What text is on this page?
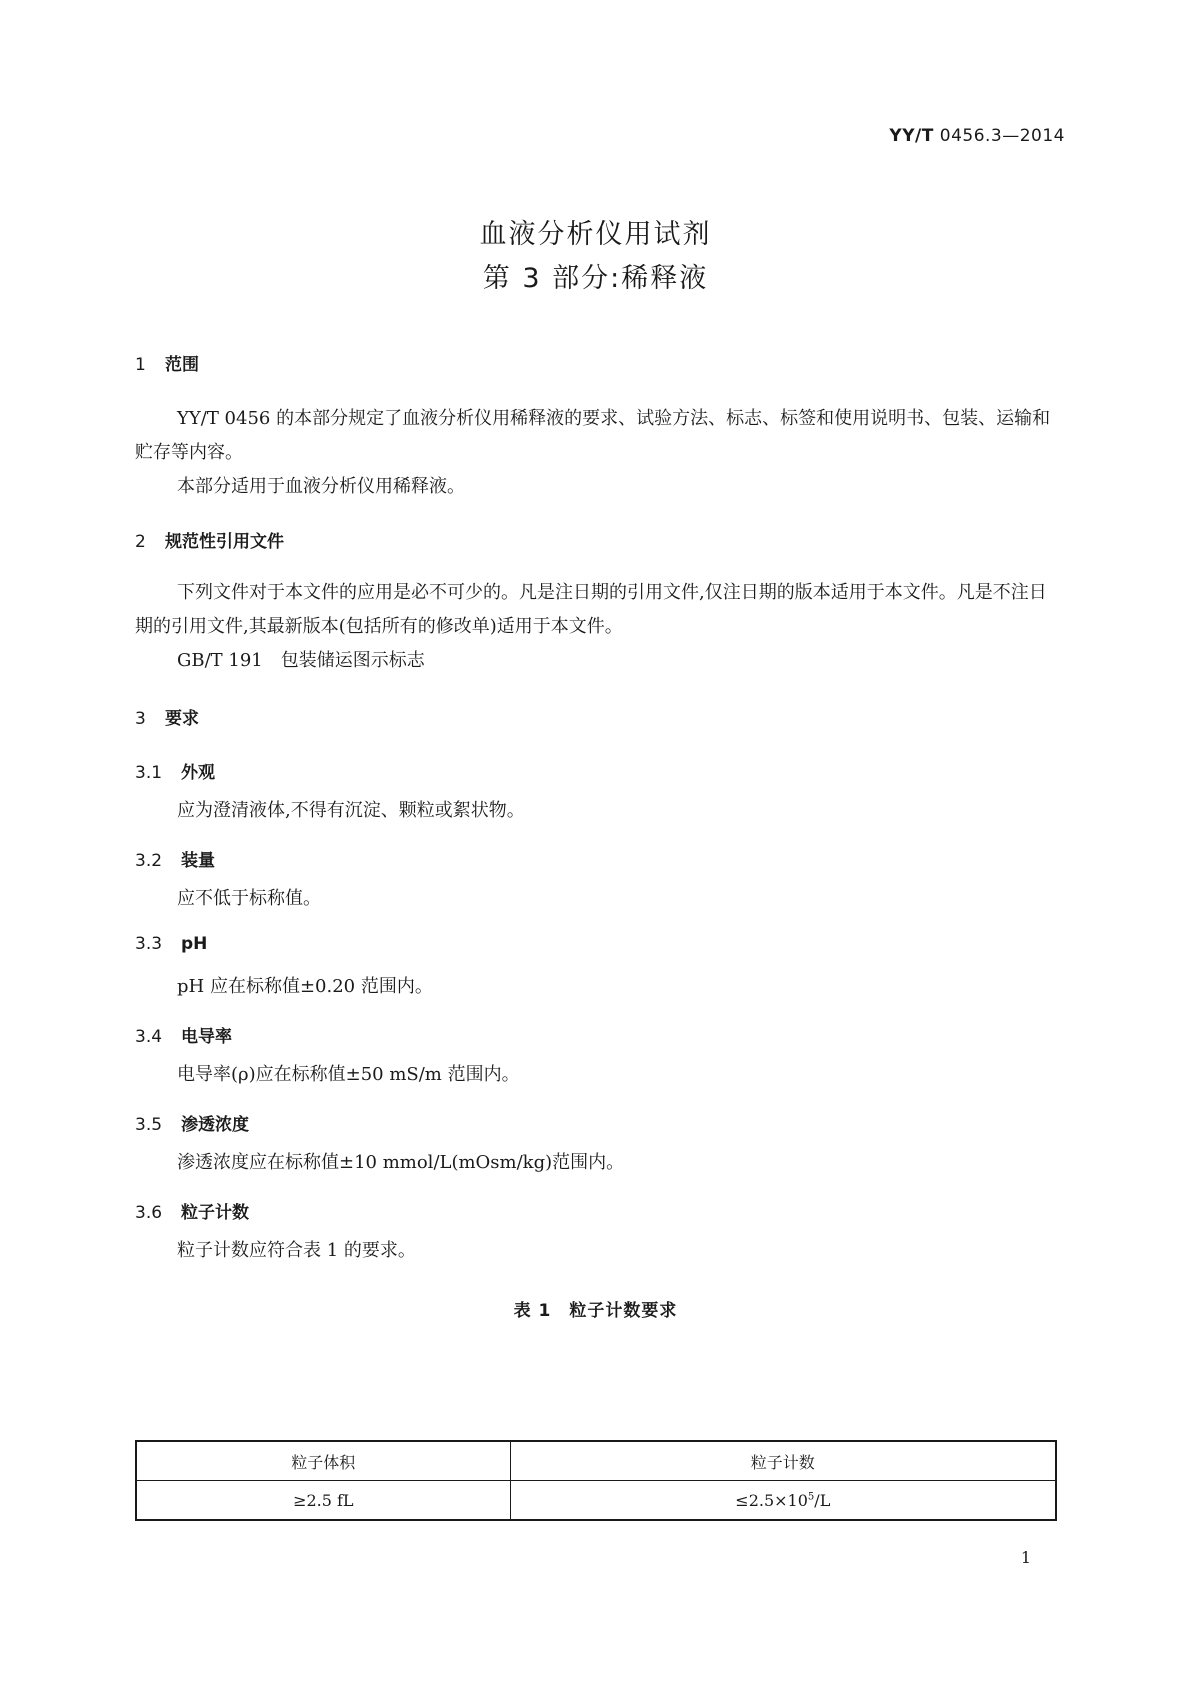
YY/T 0456.3—2014
血液分析仪用试剂
第 3 部分:稀释液
1 范围

YY/T 0456 的本部分规定了血液分析仪用稀释液的要求、试验方法、标志、标签和使用说明书、包装、运输和贮存等内容。

本部分适用于血液分析仪用稀释液。

2 规范性引用文件

下列文件对于本文件的应用是必不可少的。凡是注日期的引用文件,仅注日期的版本适用于本文件。凡是不注日期的引用文件,其最新版本(包括所有的修改单)适用于本文件。

GB/T 191　包装储运图示标志

3 要求
3.1 外观

应为澄清液体,不得有沉淀、颗粒或絮状物。

3.2 装量

应不低于标称值。

3.3 pH

pH 应在标称值±0.20 范围内。

3.4 电导率

电导率(ρ)应在标称值±50 mS/m 范围内。

3.5 渗透浓度

渗透浓度应在标称值±10 mmol/L(mOsm/kg)范围内。

3.6 粒子计数

粒子计数应符合表 1 的要求。

表 1　粒子计数要求
粒子体积	粒子计数
≥2.5 fL	$\le 2.5\times 10^5/L$
1
